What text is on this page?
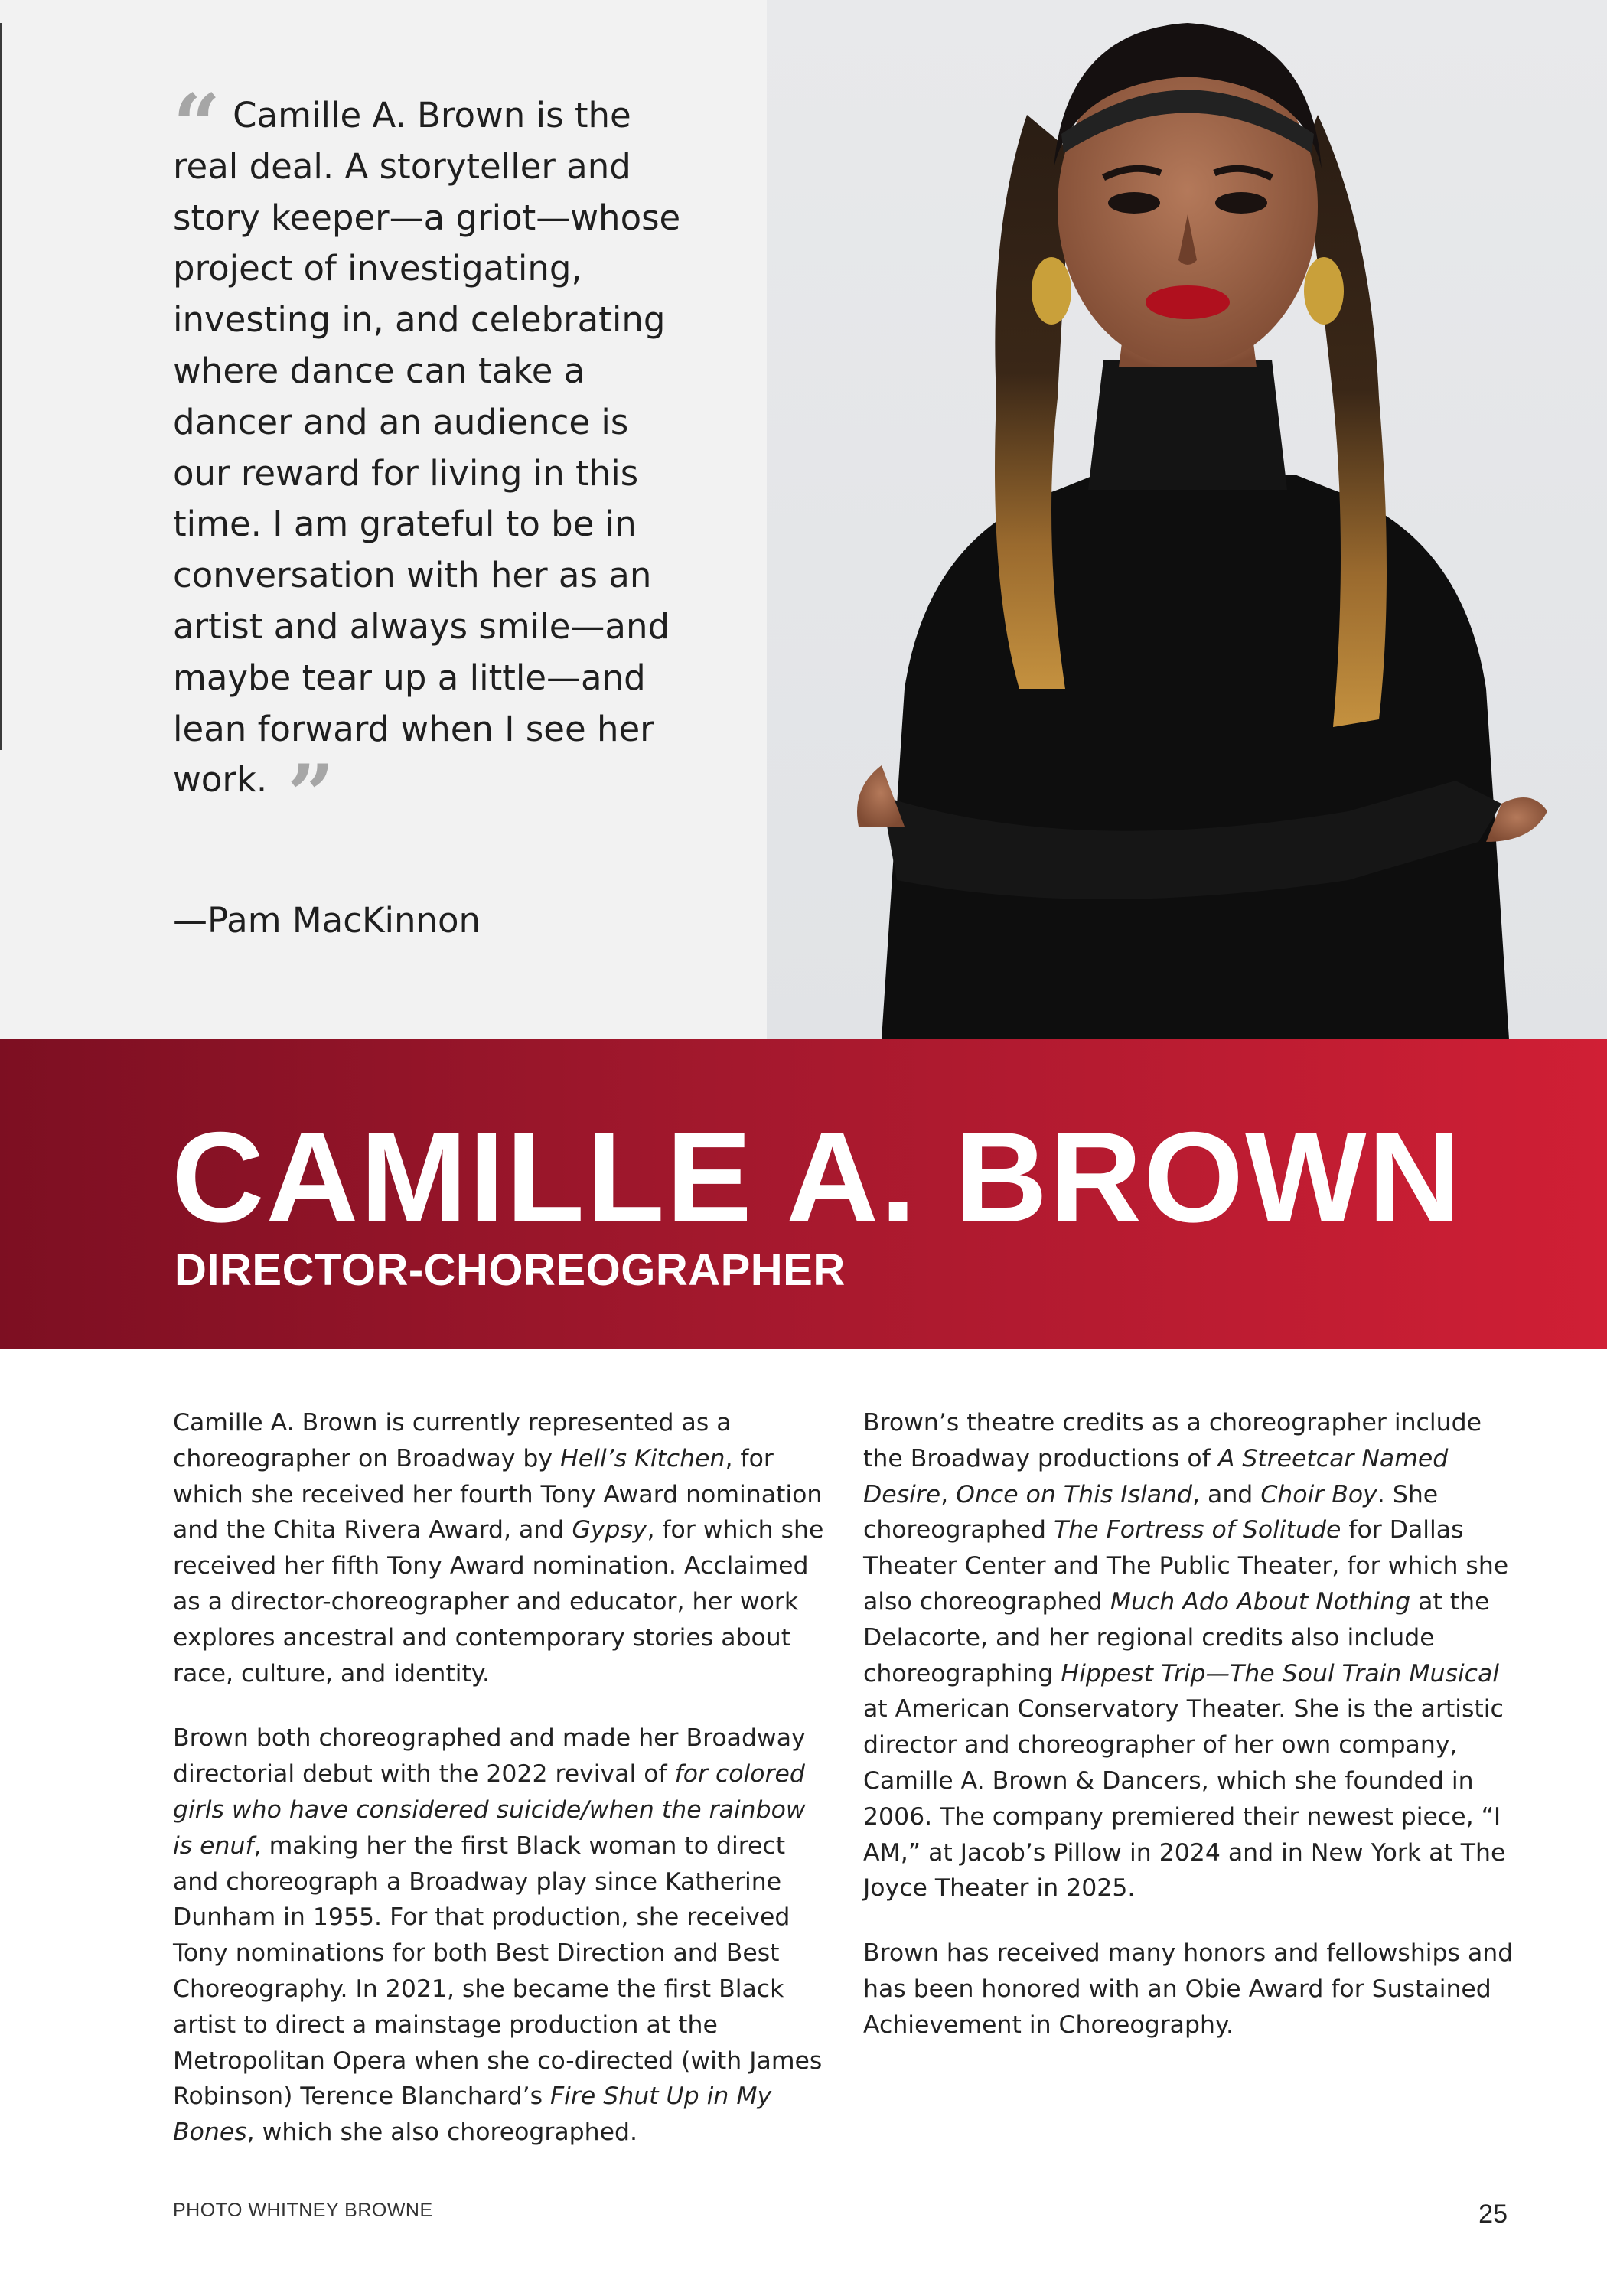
“ Camille A. Brown is the real deal. A storyteller and story keeper—a griot—whose project of investigating, investing in, and celebrating where dance can take a dancer and an audience is our reward for living in this time. I am grateful to be in conversation with her as an artist and always smile—and maybe tear up a little—and lean forward when I see her work. ”

—Pam MacKinnon
CAMILLE A. BROWN
DIRECTOR-CHOREOGRAPHER

Camille A. Brown is currently represented as a choreographer on Broadway by Hell’s Kitchen, for which she received her fourth Tony Award nomination and the Chita Rivera Award, and Gypsy, for which she received her fifth Tony Award nomination. Acclaimed as a director-choreographer and educator, her work explores ancestral and contemporary stories about race, culture, and identity.

Brown both choreographed and made her Broadway directorial debut with the 2022 revival of for colored girls who have considered suicide/when the rainbow is enuf, making her the first Black woman to direct and choreograph a Broadway play since Katherine Dunham in 1955. For that production, she received Tony nominations for both Best Direction and Best Choreography. In 2021, she became the first Black artist to direct a mainstage production at the Metropolitan Opera when she co-directed (with James Robinson) Terence Blanchard’s Fire Shut Up in My Bones, which she also choreographed.

Brown’s theatre credits as a choreographer include the Broadway productions of A Streetcar Named Desire, Once on This Island, and Choir Boy. She choreographed The Fortress of Solitude for Dallas Theater Center and The Public Theater, for which she also choreographed Much Ado About Nothing at the Delacorte, and her regional credits also include choreographing Hippest Trip—The Soul Train Musical at American Conservatory Theater. She is the artistic director and choreographer of her own company, Camille A. Brown & Dancers, which she founded in 2006. The company premiered their newest piece, “I AM,” at Jacob’s Pillow in 2024 and in New York at The Joyce Theater in 2025.

Brown has received many honors and fellowships and has been honored with an Obie Award for Sustained Achievement in Choreography.

PHOTO WHITNEY BROWNE	25
